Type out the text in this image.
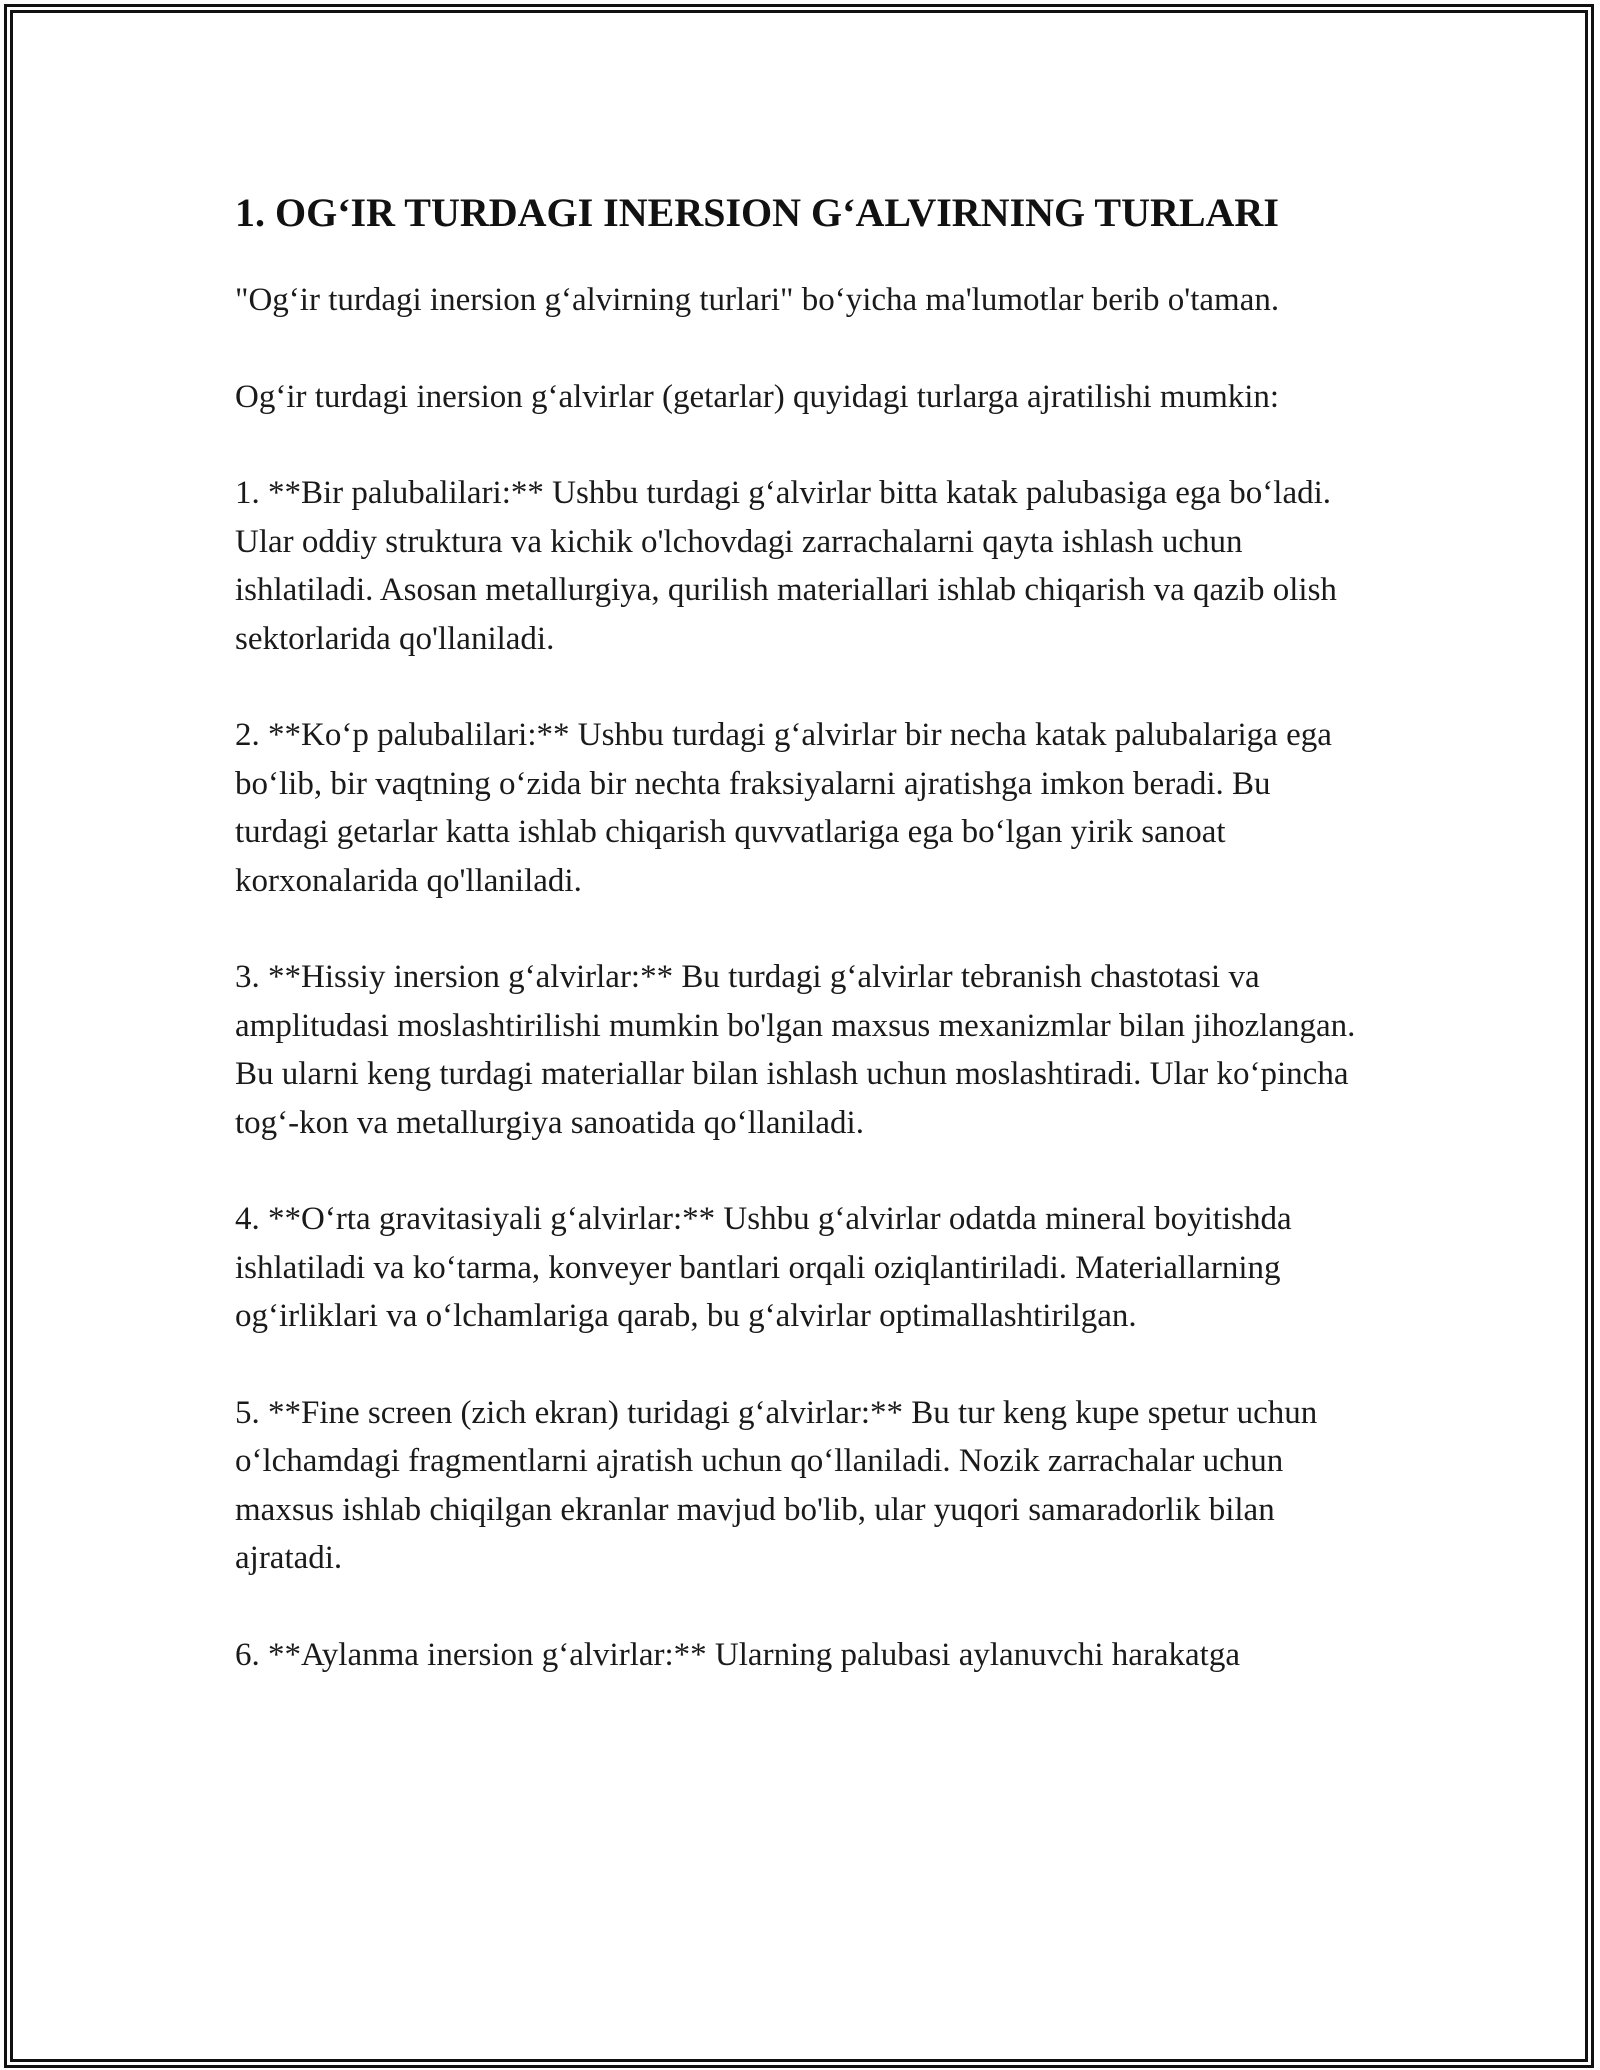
1. OG‘IR TURDAGI INERSION G‘ALVIRNING TURLARI

"Og‘ir turdagi inersion g‘alvirning turlari" bo‘yicha ma'lumotlar berib o'taman.

Og‘ir turdagi inersion g‘alvirlar (getarlar) quyidagi turlarga ajratilishi mumkin:

1. **Bir palubalilari:** Ushbu turdagi g‘alvirlar bitta katak palubasiga ega bo‘ladi. Ular oddiy struktura va kichik o'lchovdagi zarrachalarni qayta ishlash uchun ishlatiladi. Asosan metallurgiya, qurilish materiallari ishlab chiqarish va qazib olish sektorlarida qo'llaniladi.

2. **Ko‘p palubalilari:** Ushbu turdagi g‘alvirlar bir necha katak palubalariga ega bo‘lib, bir vaqtning o‘zida bir nechta fraksiyalarni ajratishga imkon beradi. Bu turdagi getarlar katta ishlab chiqarish quvvatlariga ega bo‘lgan yirik sanoat korxonalarida qo'llaniladi.

3. **Hissiy inersion g‘alvirlar:** Bu turdagi g‘alvirlar tebranish chastotasi va amplitudasi moslashtirilishi mumkin bo'lgan maxsus mexanizmlar bilan jihozlangan. Bu ularni keng turdagi materiallar bilan ishlash uchun moslashtiradi. Ular ko‘pincha tog‘-kon va metallurgiya sanoatida qo‘llaniladi.

4. **O‘rta gravitasiyali g‘alvirlar:** Ushbu g‘alvirlar odatda mineral boyitishda ishlatiladi va ko‘tarma, konveyer bantlari orqali oziqlantiriladi. Materiallarning og‘irliklari va o‘lchamlariga qarab, bu g‘alvirlar optimallashtirilgan.

5. **Fine screen (zich ekran) turidagi g‘alvirlar:** Bu tur keng kupe spetur uchun o‘lchamdagi fragmentlarni ajratish uchun qo‘llaniladi. Nozik zarrachalar uchun maxsus ishlab chiqilgan ekranlar mavjud bo'lib, ular yuqori samaradorlik bilan ajratadi.

6. **Aylanma inersion g‘alvirlar:** Ularning palubasi aylanuvchi harakatga
